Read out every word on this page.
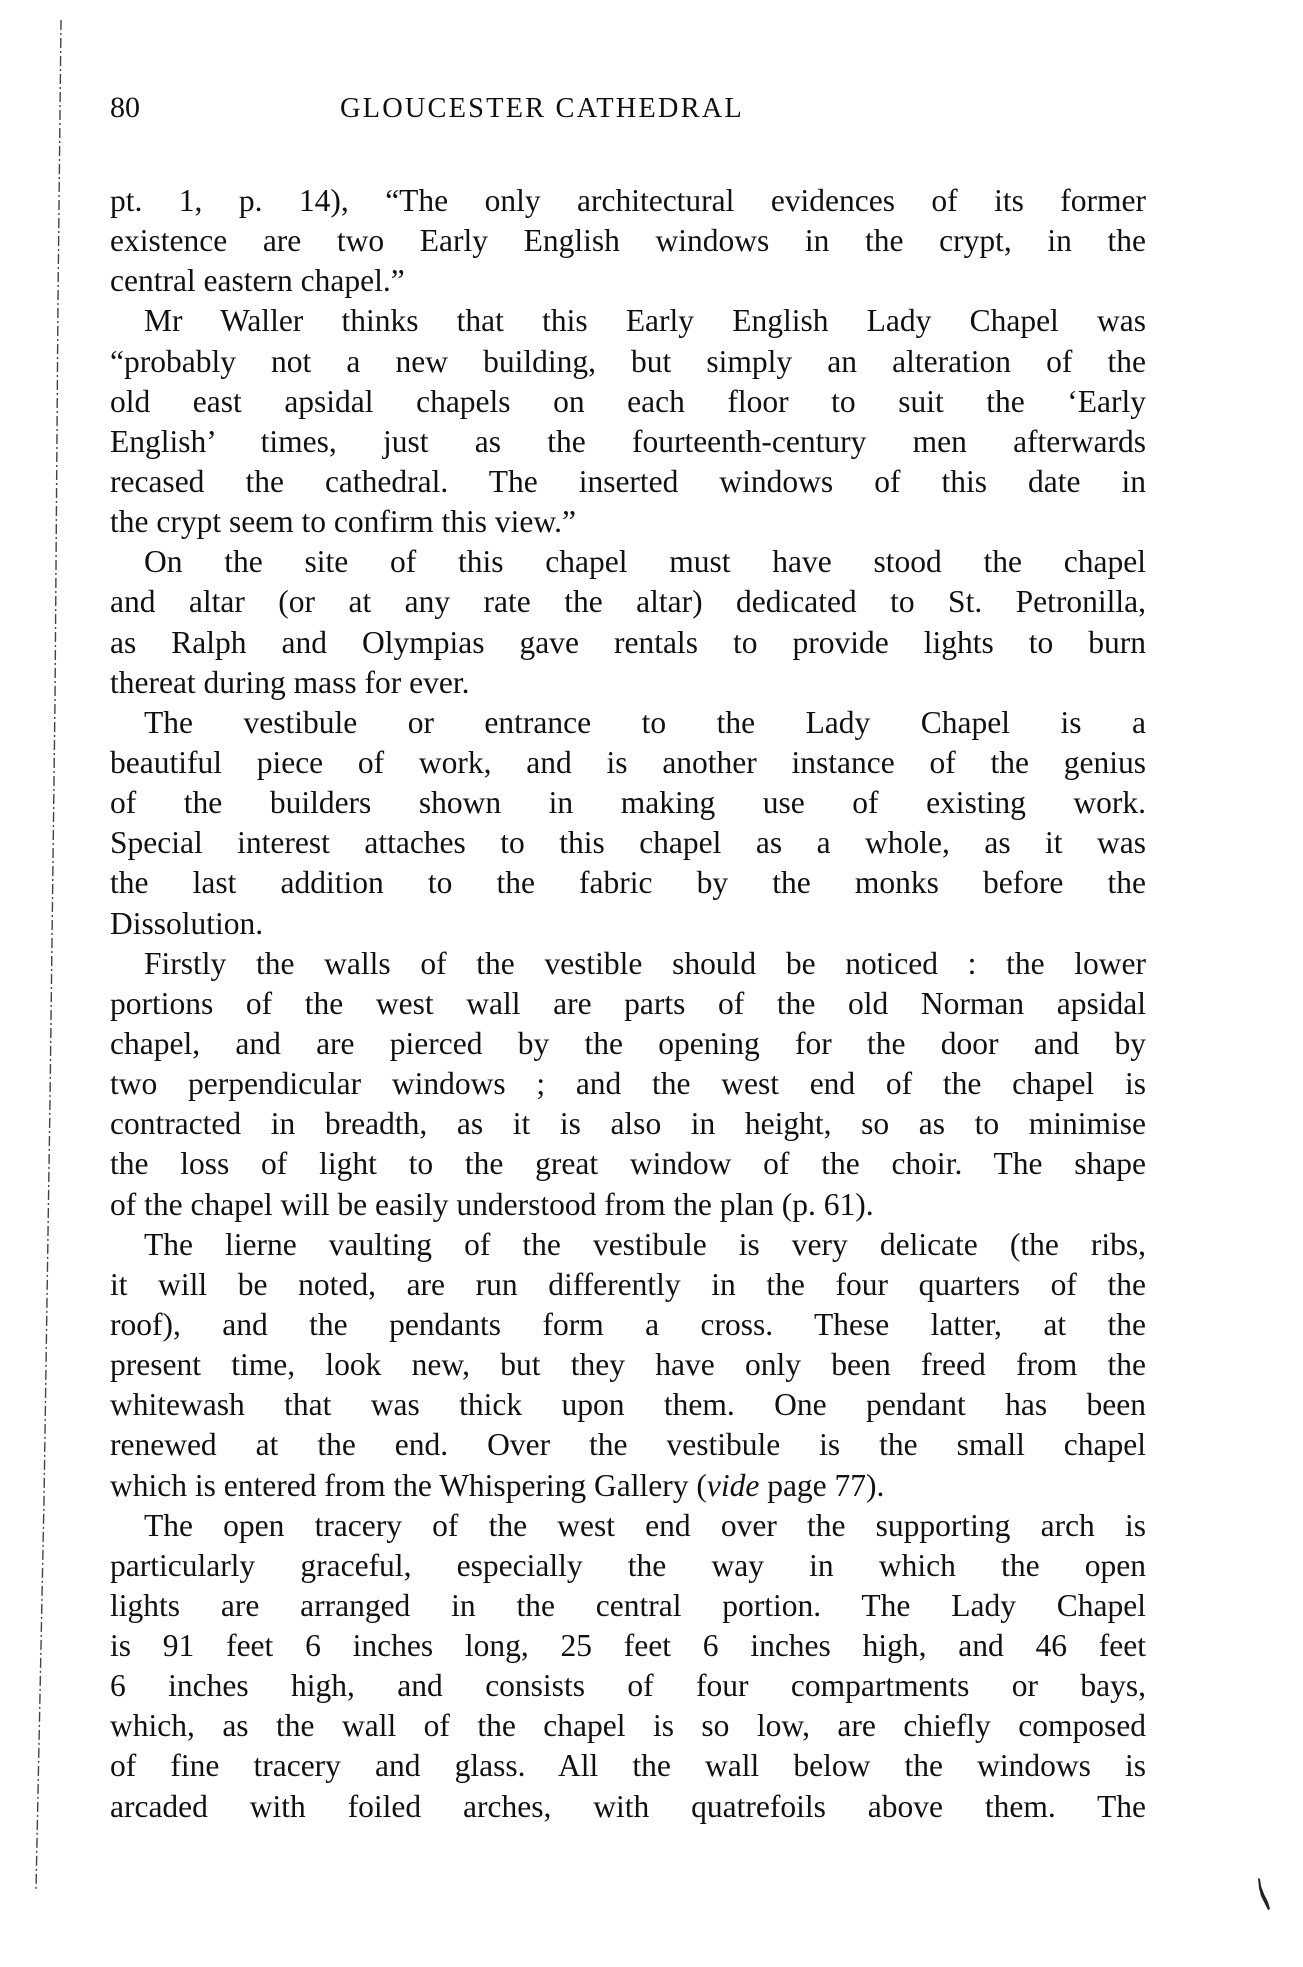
80	GLOUCESTER CATHEDRAL
pt. 1, p. 14), “The only architectural evidences of its former
existence are two Early English windows in the crypt, in the
central eastern chapel.”
Mr Waller thinks that this Early English Lady Chapel was
“probably not a new building, but simply an alteration of the
old east apsidal chapels on each floor to suit the ‘Early
English’ times, just as the fourteenth-century men afterwards
recased the cathedral. The inserted windows of this date in
the crypt seem to confirm this view.”
On the site of this chapel must have stood the chapel
and altar (or at any rate the altar) dedicated to St. Petronilla,
as Ralph and Olympias gave rentals to provide lights to burn
thereat during mass for ever.
The vestibule or entrance to the Lady Chapel is a
beautiful piece of work, and is another instance of the genius
of the builders shown in making use of existing work.
Special interest attaches to this chapel as a whole, as it was
the last addition to the fabric by the monks before the
Dissolution.
Firstly the walls of the vestible should be noticed : the lower
portions of the west wall are parts of the old Norman apsidal
chapel, and are pierced by the opening for the door and by
two perpendicular windows ; and the west end of the chapel is
contracted in breadth, as it is also in height, so as to minimise
the loss of light to the great window of the choir. The shape
of the chapel will be easily understood from the plan (p. 61).
The lierne vaulting of the vestibule is very delicate (the ribs,
it will be noted, are run differently in the four quarters of the
roof), and the pendants form a cross. These latter, at the
present time, look new, but they have only been freed from the
whitewash that was thick upon them. One pendant has been
renewed at the end. Over the vestibule is the small chapel
which is entered from the Whispering Gallery (vide page 77).
The open tracery of the west end over the supporting arch is
particularly graceful, especially the way in which the open
lights are arranged in the central portion. The Lady Chapel
is 91 feet 6 inches long, 25 feet 6 inches high, and 46 feet
6 inches high, and consists of four compartments or bays,
which, as the wall of the chapel is so low, are chiefly composed
of fine tracery and glass. All the wall below the windows is
arcaded with foiled arches, with quatrefoils above them. The
